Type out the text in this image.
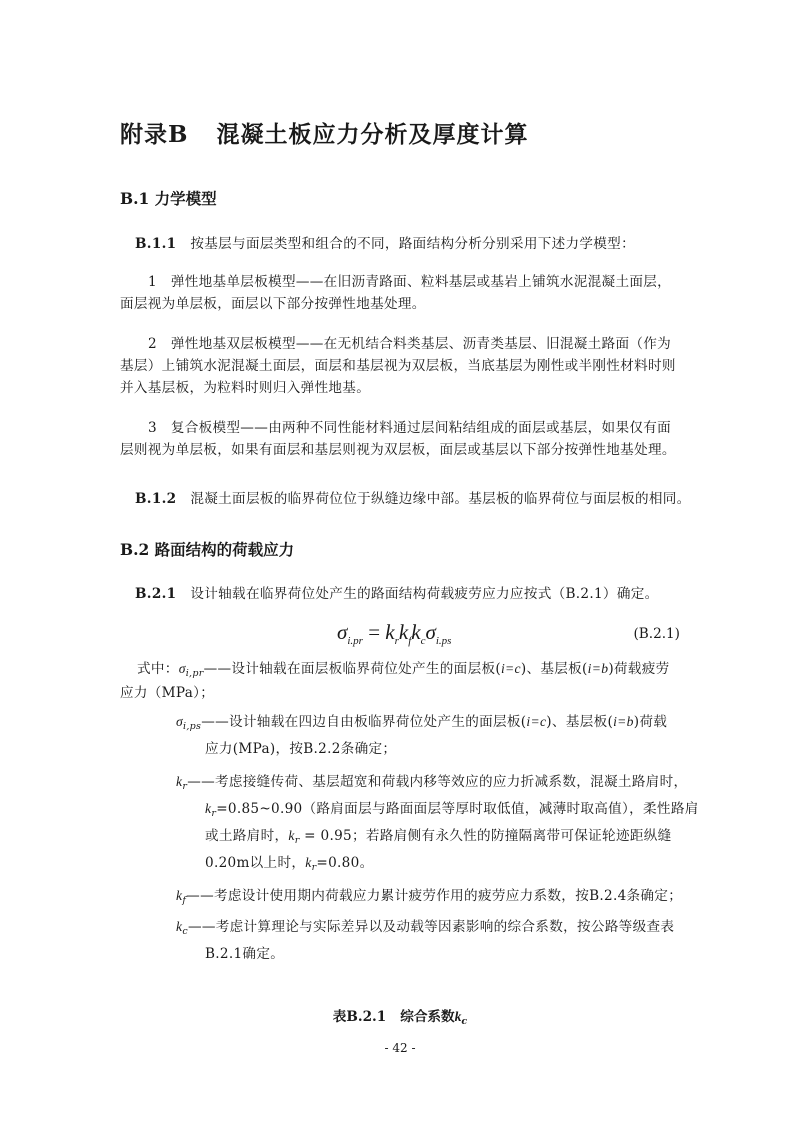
附录B 混凝土板应力分析及厚度计算
B.1 力学模型
B.1.1 按基层与面层类型和组合的不同，路面结构分析分别采用下述力学模型：
1　弹性地基单层板模型——在旧沥青路面、粒料基层或基岩上铺筑水泥混凝土面层，
面层视为单层板，面层以下部分按弹性地基处理。
2　弹性地基双层板模型——在无机结合料类基层、沥青类基层、旧混凝土路面（作为
基层）上铺筑水泥混凝土面层，面层和基层视为双层板，当底基层为刚性或半刚性材料时则
并入基层板，为粒料时则归入弹性地基。
3　复合板模型——由两种不同性能材料通过层间粘结组成的面层或基层，如果仅有面
层则视为单层板，如果有面层和基层则视为双层板，面层或基层以下部分按弹性地基处理。
B.1.2 混凝土面层板的临界荷位位于纵缝边缘中部。基层板的临界荷位与面层板的相同。
B.2 路面结构的荷载应力
B.2.1 设计轴载在临界荷位处产生的路面结构荷载疲劳应力应按式（B.2.1）确定。
$\sigma_{i.pr} = k_rk_fk_c\sigma_{i.ps}$	(B.2.1)
式中：$\sigma_{i,pr}——$设计轴载在面层板临界荷位处产生的面层板(i=c)、基层板(i=b)荷载疲劳
应力（MPa）；
$\sigma_{i,ps}——$设计轴载在四边自由板临界荷位处产生的面层板(i=c)、基层板(i=b)荷载
应力(MPa)，按B.2.2条确定；
$k_r——$考虑接缝传荷、基层超宽和荷载内移等效应的应力折减系数，混凝土路肩时，
$k_r=0.85\sim 0.90$（路肩面层与路面面层等厚时取低值，减薄时取高值），柔性路肩
或土路肩时，$k_r = 0.95$；若路肩侧有永久性的防撞隔离带可保证轮迹距纵缝
0.20m以上时，$k_r=0.80$。
$k_f——$考虑设计使用期内荷载应力累计疲劳作用的疲劳应力系数，按B.2.4条确定；
$k_c——$考虑计算理论与实际差异以及动载等因素影响的综合系数，按公路等级查表
B.2.1确定。
表B.2.1 综合系数$k_c$
- 42 -
